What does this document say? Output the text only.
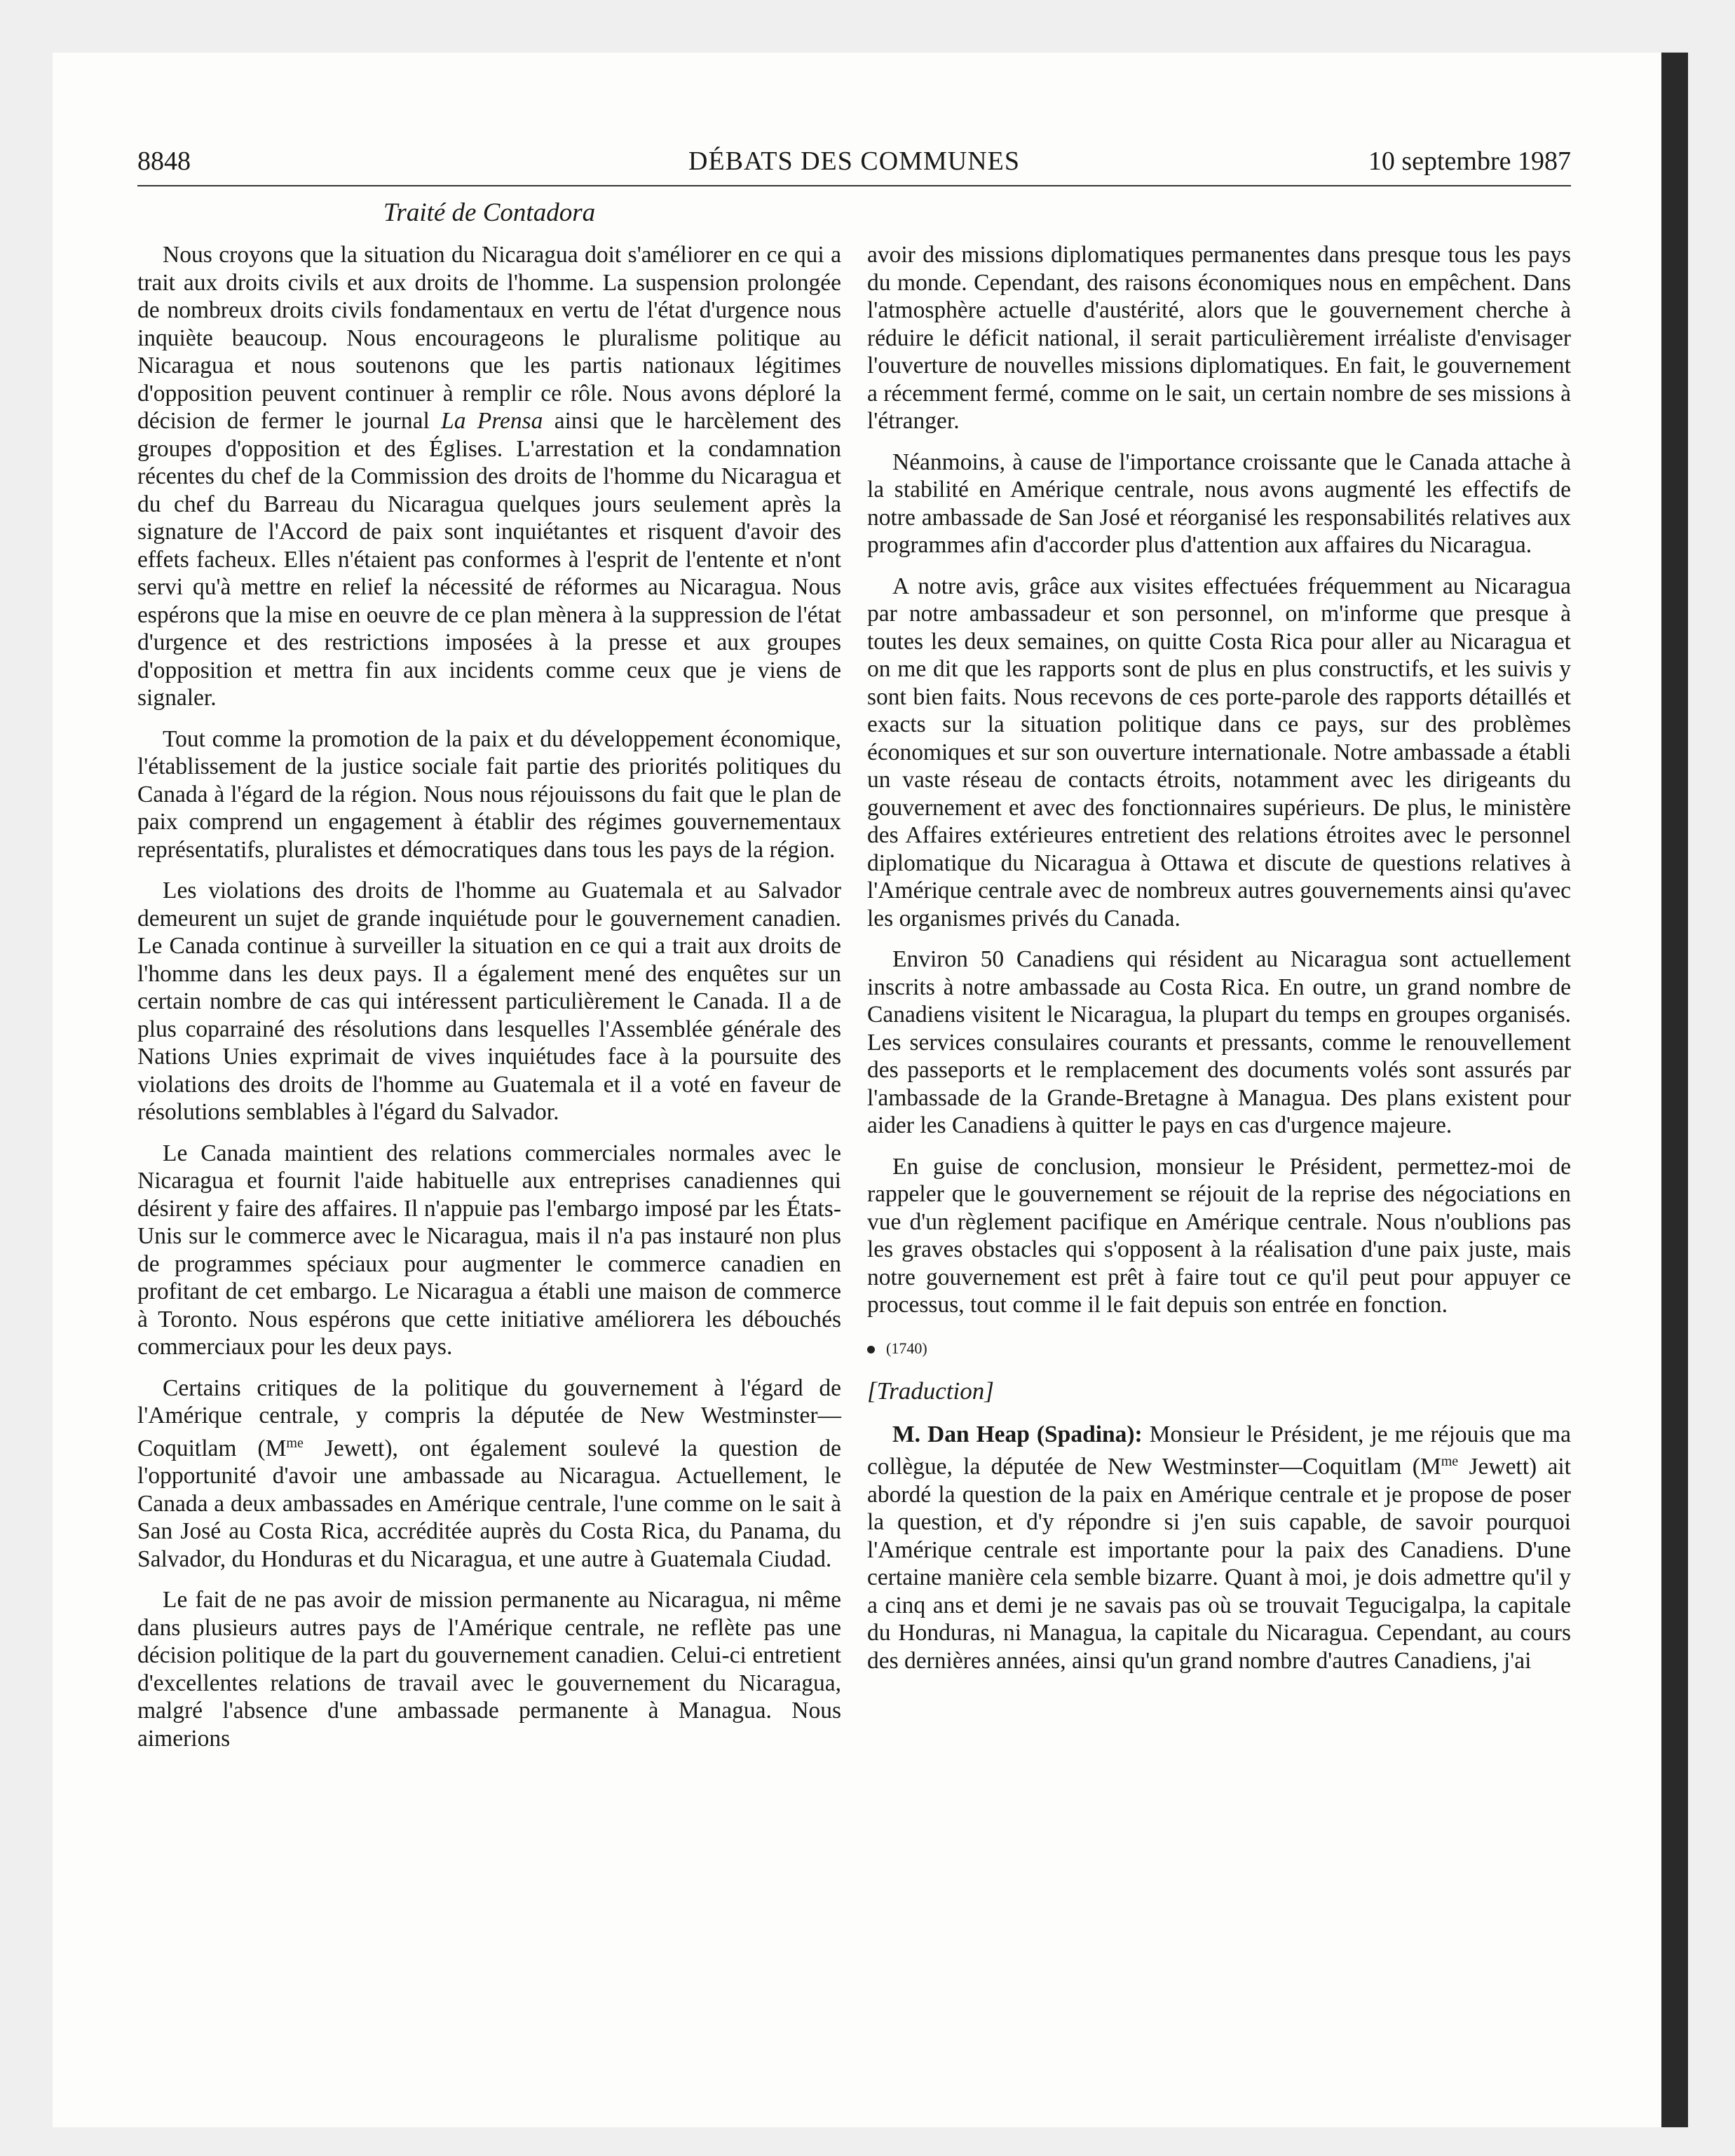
8848	DÉBATS DES COMMUNES	10 septembre 1987
Traité de Contadora

Nous croyons que la situation du Nicaragua doit s'améliorer en ce qui a trait aux droits civils et aux droits de l'homme. La suspension prolongée de nombreux droits civils fondamentaux en vertu de l'état d'urgence nous inquiète beaucoup. Nous encourageons le pluralisme politique au Nicaragua et nous soutenons que les partis nationaux légitimes d'opposition peuvent continuer à remplir ce rôle. Nous avons déploré la décision de fermer le journal La Prensa ainsi que le harcèlement des groupes d'opposition et des Églises. L'arrestation et la condamnation récentes du chef de la Commission des droits de l'homme du Nicaragua et du chef du Barreau du Nicaragua quelques jours seulement après la signature de l'Accord de paix sont inquiétantes et risquent d'avoir des effets facheux. Elles n'étaient pas conformes à l'esprit de l'entente et n'ont servi qu'à mettre en relief la nécessité de réformes au Nicaragua. Nous espérons que la mise en oeuvre de ce plan mènera à la suppression de l'état d'urgence et des restrictions imposées à la presse et aux groupes d'opposition et mettra fin aux incidents comme ceux que je viens de signaler.

Tout comme la promotion de la paix et du développement économique, l'établissement de la justice sociale fait partie des priorités politiques du Canada à l'égard de la région. Nous nous réjouissons du fait que le plan de paix comprend un engagement à établir des régimes gouvernementaux représentatifs, pluralistes et démocratiques dans tous les pays de la région.

Les violations des droits de l'homme au Guatemala et au Salvador demeurent un sujet de grande inquiétude pour le gouvernement canadien. Le Canada continue à surveiller la situation en ce qui a trait aux droits de l'homme dans les deux pays. Il a également mené des enquêtes sur un certain nombre de cas qui intéressent particulièrement le Canada. Il a de plus coparrainé des résolutions dans lesquelles l'Assemblée générale des Nations Unies exprimait de vives inquiétudes face à la poursuite des violations des droits de l'homme au Guatemala et il a voté en faveur de résolutions semblables à l'égard du Salvador.

Le Canada maintient des relations commerciales normales avec le Nicaragua et fournit l'aide habituelle aux entreprises canadiennes qui désirent y faire des affaires. Il n'appuie pas l'embargo imposé par les États-Unis sur le commerce avec le Nicaragua, mais il n'a pas instauré non plus de programmes spéciaux pour augmenter le commerce canadien en profitant de cet embargo. Le Nicaragua a établi une maison de commerce à Toronto. Nous espérons que cette initiative améliorera les débouchés commerciaux pour les deux pays.

Certains critiques de la politique du gouvernement à l'égard de l'Amérique centrale, y compris la députée de New Westminster—Coquitlam ($M^{me}$ Jewett), ont également soulevé la question de l'opportunité d'avoir une ambassade au Nicaragua. Actuellement, le Canada a deux ambassades en Amérique centrale, l'une comme on le sait à San José au Costa Rica, accréditée auprès du Costa Rica, du Panama, du Salvador, du Honduras et du Nicaragua, et une autre à Guatemala Ciudad.

Le fait de ne pas avoir de mission permanente au Nicaragua, ni même dans plusieurs autres pays de l'Amérique centrale, ne reflète pas une décision politique de la part du gouvernement canadien. Celui-ci entretient d'excellentes relations de travail avec le gouvernement du Nicaragua, malgré l'absence d'une ambassade permanente à Managua. Nous aimerions

avoir des missions diplomatiques permanentes dans presque tous les pays du monde. Cependant, des raisons économiques nous en empêchent. Dans l'atmosphère actuelle d'austérité, alors que le gouvernement cherche à réduire le déficit national, il serait particulièrement irréaliste d'envisager l'ouverture de nouvelles missions diplomatiques. En fait, le gouvernement a récemment fermé, comme on le sait, un certain nombre de ses missions à l'étranger.

Néanmoins, à cause de l'importance croissante que le Canada attache à la stabilité en Amérique centrale, nous avons augmenté les effectifs de notre ambassade de San José et réorganisé les responsabilités relatives aux programmes afin d'accorder plus d'attention aux affaires du Nicaragua.

A notre avis, grâce aux visites effectuées fréquemment au Nicaragua par notre ambassadeur et son personnel, on m'informe que presque à toutes les deux semaines, on quitte Costa Rica pour aller au Nicaragua et on me dit que les rapports sont de plus en plus constructifs, et les suivis y sont bien faits. Nous recevons de ces porte-parole des rapports détaillés et exacts sur la situation politique dans ce pays, sur des problèmes économiques et sur son ouverture internationale. Notre ambassade a établi un vaste réseau de contacts étroits, notamment avec les dirigeants du gouvernement et avec des fonctionnaires supérieurs. De plus, le ministère des Affaires extérieures entretient des relations étroites avec le personnel diplomatique du Nicaragua à Ottawa et discute de questions relatives à l'Amérique centrale avec de nombreux autres gouvernements ainsi qu'avec les organismes privés du Canada.

Environ 50 Canadiens qui résident au Nicaragua sont actuellement inscrits à notre ambassade au Costa Rica. En outre, un grand nombre de Canadiens visitent le Nicaragua, la plupart du temps en groupes organisés. Les services consulaires courants et pressants, comme le renouvellement des passeports et le remplacement des documents volés sont assurés par l'ambassade de la Grande-Bretagne à Managua. Des plans existent pour aider les Canadiens à quitter le pays en cas d'urgence majeure.

En guise de conclusion, monsieur le Président, permettez-moi de rappeler que le gouvernement se réjouit de la reprise des négociations en vue d'un règlement pacifique en Amérique centrale. Nous n'oublions pas les graves obstacles qui s'opposent à la réalisation d'une paix juste, mais notre gouvernement est prêt à faire tout ce qu'il peut pour appuyer ce processus, tout comme il le fait depuis son entrée en fonction.

(1740)
[Traduction]

M. Dan Heap (Spadina): Monsieur le Président, je me réjouis que ma collègue, la députée de New Westminster—Coquitlam ($M^{me}$ Jewett) ait abordé la question de la paix en Amérique centrale et je propose de poser la question, et d'y répondre si j'en suis capable, de savoir pourquoi l'Amérique centrale est importante pour la paix des Canadiens. D'une certaine manière cela semble bizarre. Quant à moi, je dois admettre qu'il y a cinq ans et demi je ne savais pas où se trouvait Tegucigalpa, la capitale du Honduras, ni Managua, la capitale du Nicaragua. Cependant, au cours des dernières années, ainsi qu'un grand nombre d'autres Canadiens, j'ai
